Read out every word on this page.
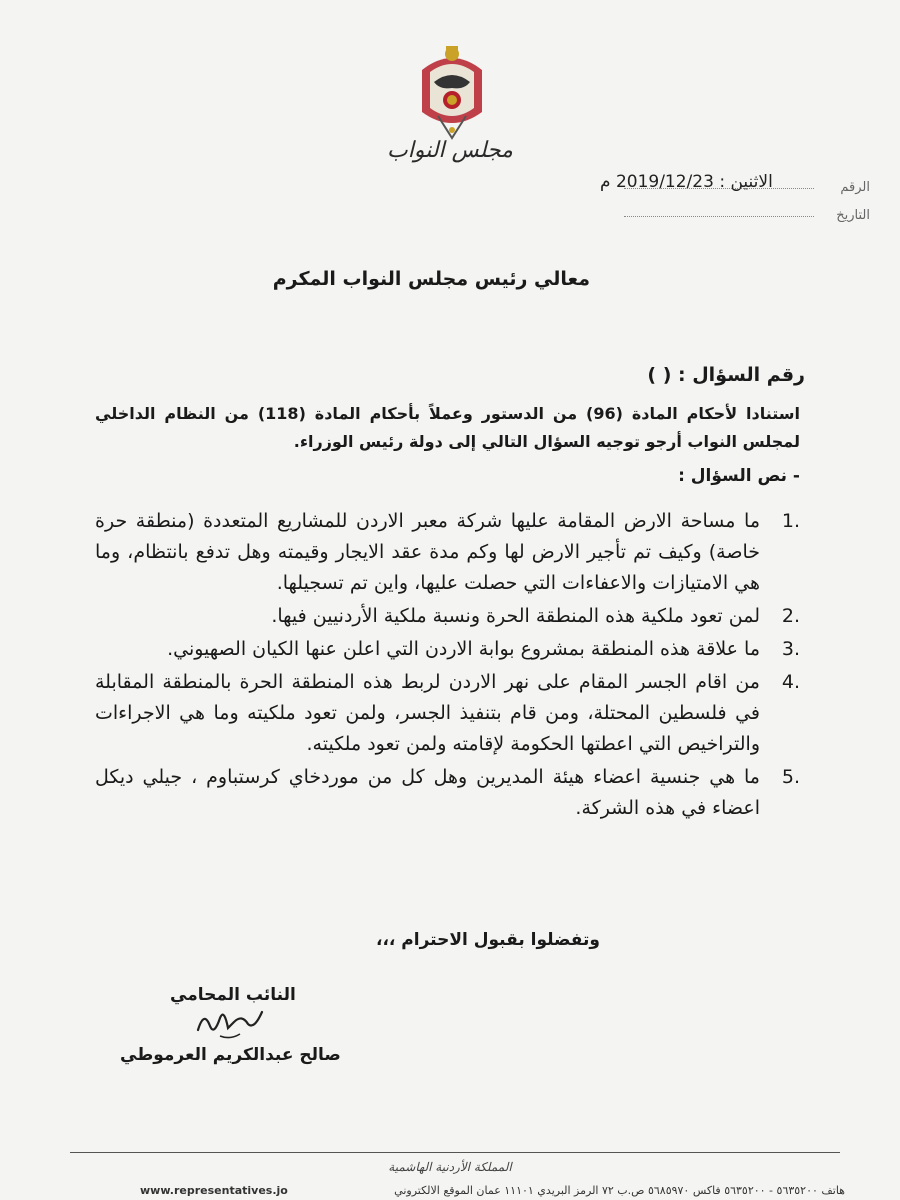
مجلس النواب
الاثنين : 2019/12/23 م	الرقم
التاريخ
معالي رئيس مجلس النواب المكرم
رقم السؤال : ( )
استنادا لأحكام المادة (96) من الدستور وعملاً بأحكام المادة (118) من النظام الداخلي لمجلس النواب أرجو توجيه السؤال التالي إلى دولة رئيس الوزراء.
- نص السؤال :
1.
ما مساحة الارض المقامة عليها شركة معبر الاردن للمشاريع المتعددة (منطقة حرة خاصة) وكيف تم تأجير الارض لها وكم مدة عقد الايجار وقيمته وهل تدفع بانتظام، وما هي الامتيازات والاعفاءات التي حصلت عليها، واين تم تسجيلها.
2.
لمن تعود ملكية هذه المنطقة الحرة ونسبة ملكية الأردنيين فيها.
3.
ما علاقة هذه المنطقة بمشروع بوابة الاردن التي اعلن عنها الكيان الصهيوني.
4.
من اقام الجسر المقام على نهر الاردن لربط هذه المنطقة الحرة بالمنطقة المقابلة في فلسطين المحتلة، ومن قام بتنفيذ الجسر، ولمن تعود ملكيته وما هي الاجراءات والتراخيص التي اعطتها الحكومة لإقامته ولمن تعود ملكيته.
5.
ما هي جنسية اعضاء هيئة المديرين وهل كل من موردخاي كرستباوم ، جيلي ديكل اعضاء في هذه الشركة.
وتفضلوا بقبول الاحترام ،،،
النائب المحامي
صالح عبدالكريم العرموطي
المملكة الأردنية الهاشمية
www.representatives.jo	هاتف ٥٦٣٥٢٠٠ - ٥٦٣٥٢٠٠ فاكس ٥٦٨٥٩٧٠ ص.ب ٧٢ الرمز البريدي ١١١٠١ عمان الموقع الالكتروني
